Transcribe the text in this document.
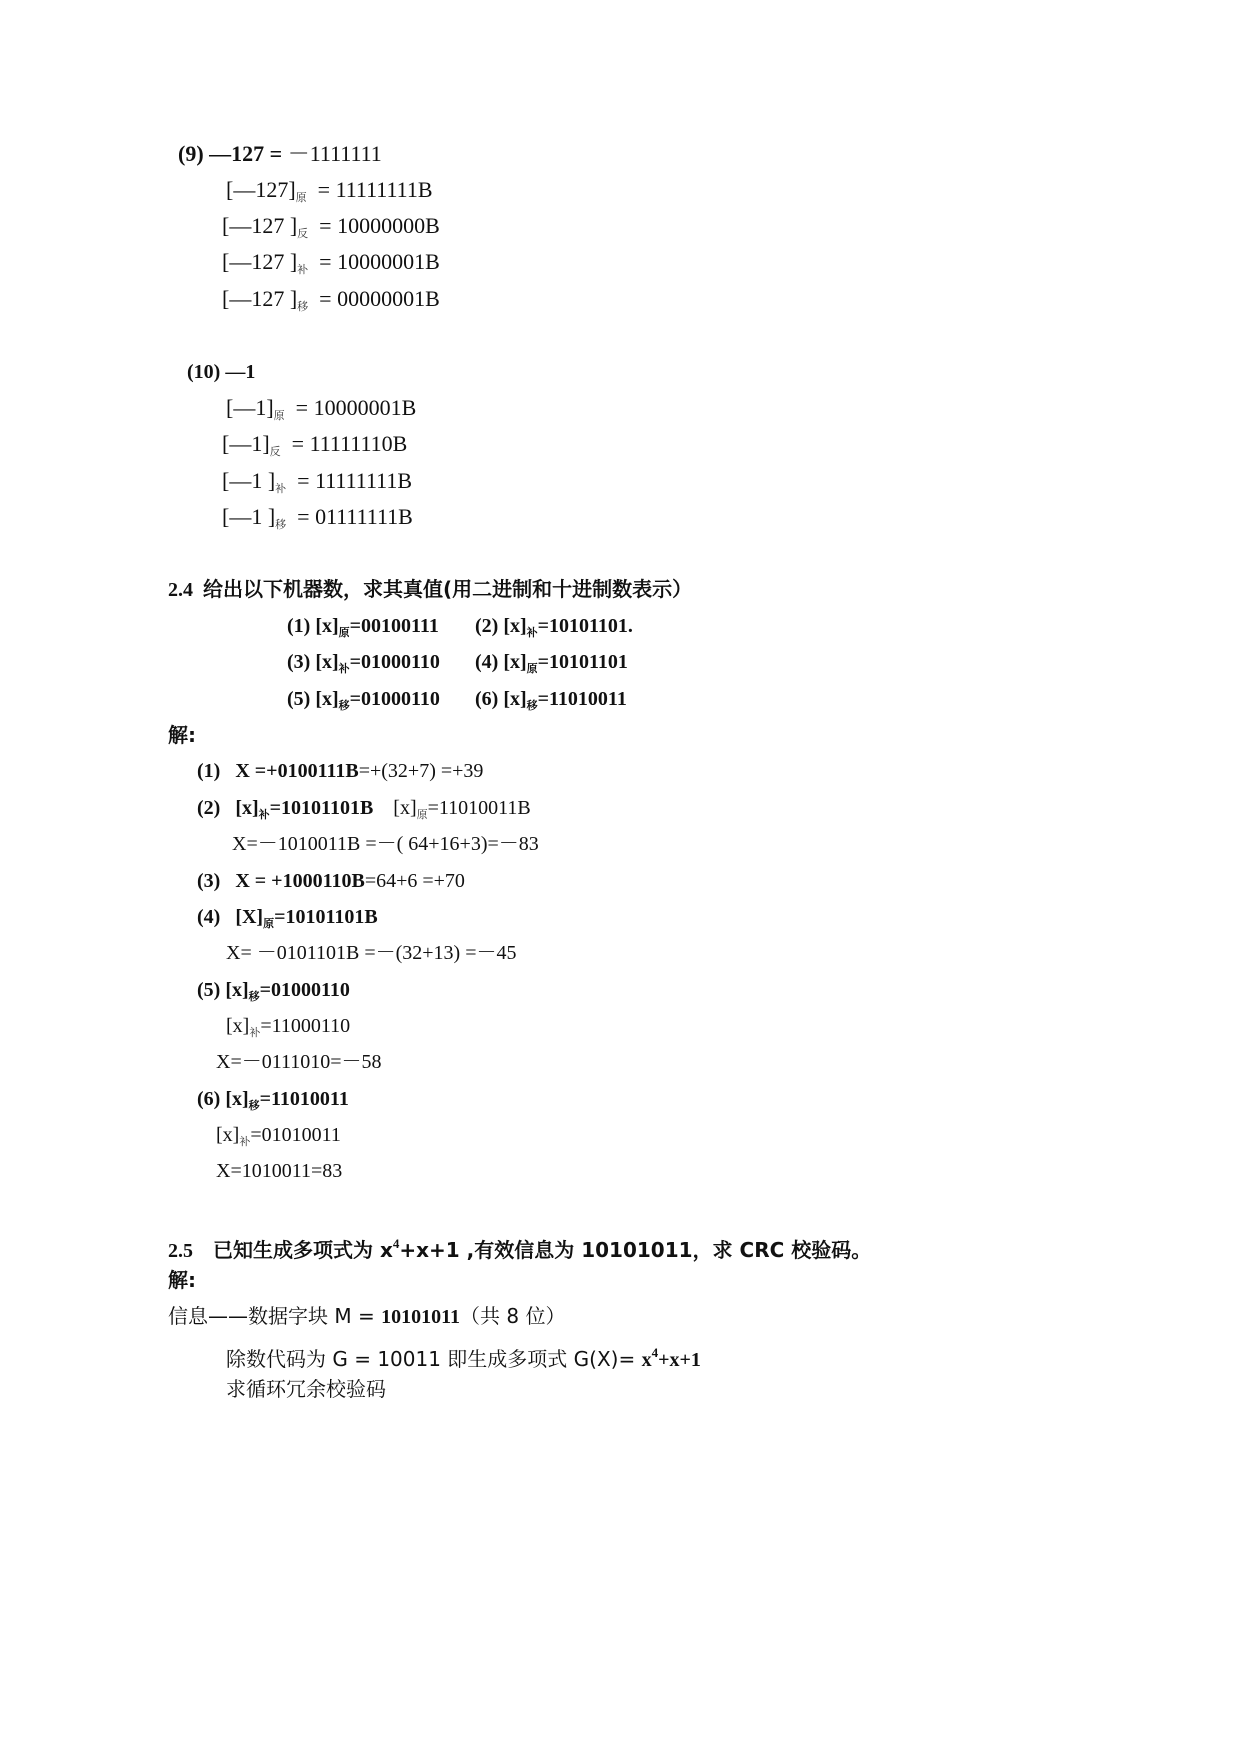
(9) —127 = －1111111
$[—127]_原 = 11111111B$
[—127 ]$_反 = 10000000B$
[—127 ]$_补 = 10000001B$
[—127 ]$_移 = 00000001B$
(10) —1
$[—1]_原 = 10000001B$
$[—1]_反 = 11111110B$
[—1 ]$_补 = 11111111B$
[—1 ]$_移 = 01111111B$
2.4 给出以下机器数，求其真值(用二进制和十进制数表示）
(1) $[x]_原=00100111$ (2) $[x]_补=10101101$.
(3) $[x]_补=01000110$ (4) $[x]_原=10101101$
(5) $[x]_移=01000110$ (6) $[x]_移=11010011$
解:
(1) X =+0100111B=+(32+7) =+39
(2) $[x]_补=10101101B$ $[x]_原=11010011B$
X=－1010011B =－( 64+16+3)=－83
(3) X = +1000110B=64+6 =+70
(4) $[X]_原=10101101B$
X= －0101101B =－(32+13) =－45
(5) $[x]_移=01000110$
$[x]_补=11000110$
X=－0111010=－58
(6) $[x]_移=11010011$
$[x]_补=01010011$
X=1010011=83
2.5 已知生成多项式为 $x^4+x+1$ ,有效信息为 10101011，求 CRC 校验码。
解:
信息——数据字块 M = 10101011（共 8 位）
除数代码为 G = 10011 即生成多项式 $G(X)= x^4+x+1$
求循环冗余校验码
